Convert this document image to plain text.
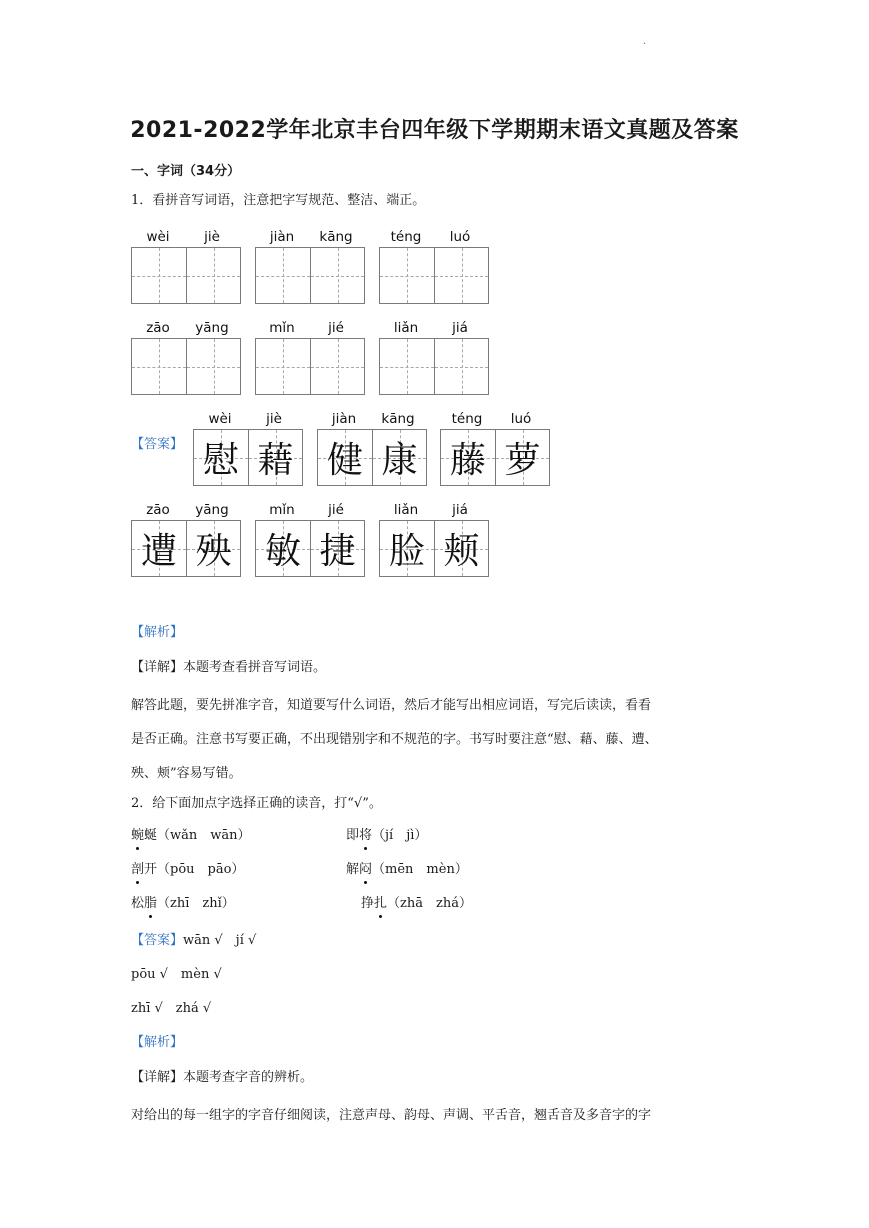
.
2021-2022学年北京丰台四年级下学期期末语文真题及答案
一、字词（34分）
1．看拼音写词语，注意把字写规范、整洁、端正。
wèi	jiè	jiàn	kāng	téng	luó
zāo	yāng	mǐn	jié	liǎn	jiá
【答案】
wèi	jiè	jiàn	kāng	téng	luó
慰 藉 健 康 藤 萝
zāo	yāng	mǐn	jié	liǎn	jiá
遭 殃 敏 捷 脸 颊
【解析】
【详解】本题考查看拼音写词语。
解答此题，要先拼准字音，知道要写什么词语，然后才能写出相应词语，写完后读读，看看
是否正确。注意书写要正确，不出现错别字和不规范的字。书写时要注意“慰、藉、藤、遭、
殃、颊”容易写错。
2．给下面加点字选择正确的读音，打“√”。
蜿蜒（wǎn　wān）	即将（jí　jì）
剖开（pōu　pāo）	解闷（mēn　mèn）
松脂（zhī　zhǐ）	挣扎（zhā　zhá）
【答案】wān √　jí √
pōu √　mèn √
zhī √　zhá √
【解析】
【详解】本题考查字音的辨析。
对给出的每一组字的字音仔细阅读，注意声母、韵母、声调、平舌音，翘舌音及多音字的字
